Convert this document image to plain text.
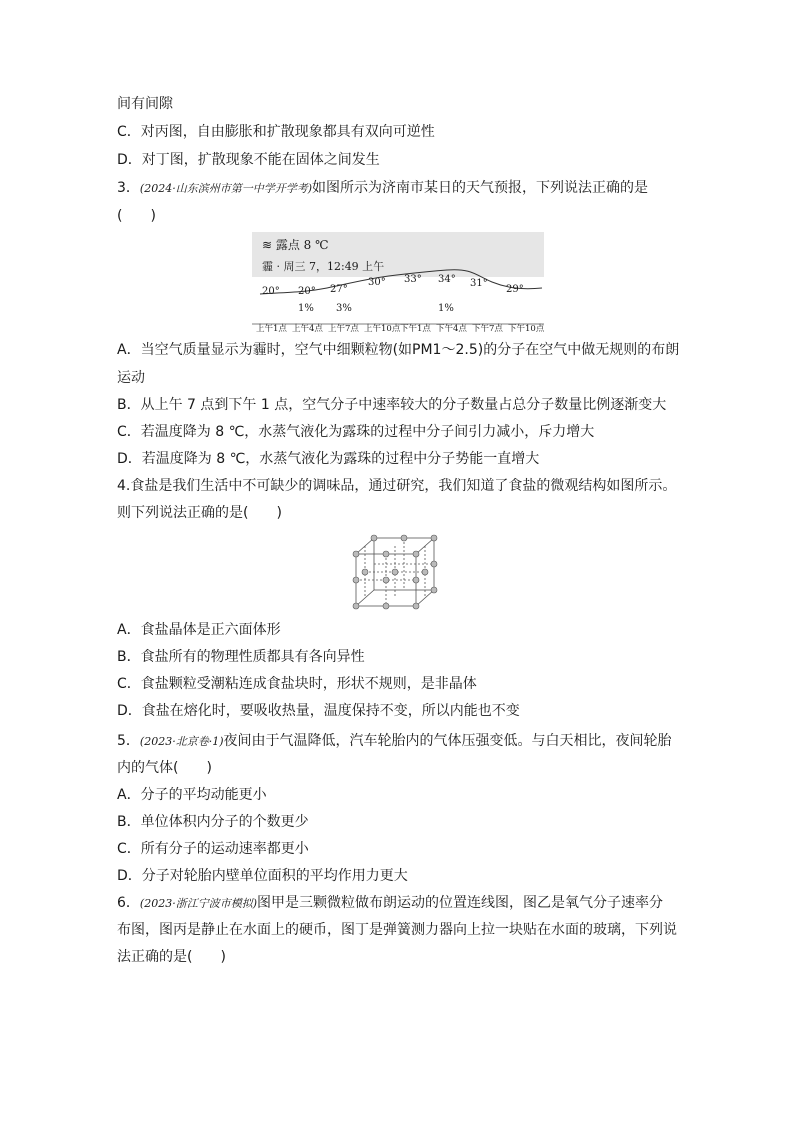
间有间隙
C．对丙图，自由膨胀和扩散现象都具有双向可逆性
D．对丁图，扩散现象不能在固体之间发生
3．(2024·山东滨州市第一中学开学考)如图所示为济南市某日的天气预报，下列说法正确的是
(　　)
≋ 露点 8 ℃
霾 · 周三 7，12:49 上午
20° 20° 27°
30° 33° 34° 31°
29°
1% 3%	1%
上午1点 上午4点 上午7点 上午10点 下午1点 下午4点 下午7点 下午10点
A．当空气质量显示为霾时，空气中细颗粒物(如PM1～2.5)的分子在空气中做无规则的布朗
运动
B．从上午 7 点到下午 1 点，空气分子中速率较大的分子数量占总分子数量比例逐渐变大
C．若温度降为 8 ℃，水蒸气液化为露珠的过程中分子间引力减小，斥力增大
D．若温度降为 8 ℃，水蒸气液化为露珠的过程中分子势能一直增大
4.食盐是我们生活中不可缺少的调味品，通过研究，我们知道了食盐的微观结构如图所示。
则下列说法正确的是(　　)
A．食盐晶体是正六面体形
B．食盐所有的物理性质都具有各向异性
C．食盐颗粒受潮粘连成食盐块时，形状不规则，是非晶体
D．食盐在熔化时，要吸收热量，温度保持不变，所以内能也不变
5．(2023·北京卷·1)夜间由于气温降低，汽车轮胎内的气体压强变低。与白天相比，夜间轮胎
内的气体(　　)
A．分子的平均动能更小
B．单位体积内分子的个数更少
C．所有分子的运动速率都更小
D．分子对轮胎内壁单位面积的平均作用力更大
6．(2023·浙江宁波市模拟)图甲是三颗微粒做布朗运动的位置连线图，图乙是氧气分子速率分
布图，图丙是静止在水面上的硬币，图丁是弹簧测力器向上拉一块贴在水面的玻璃，下列说
法正确的是(　　)
